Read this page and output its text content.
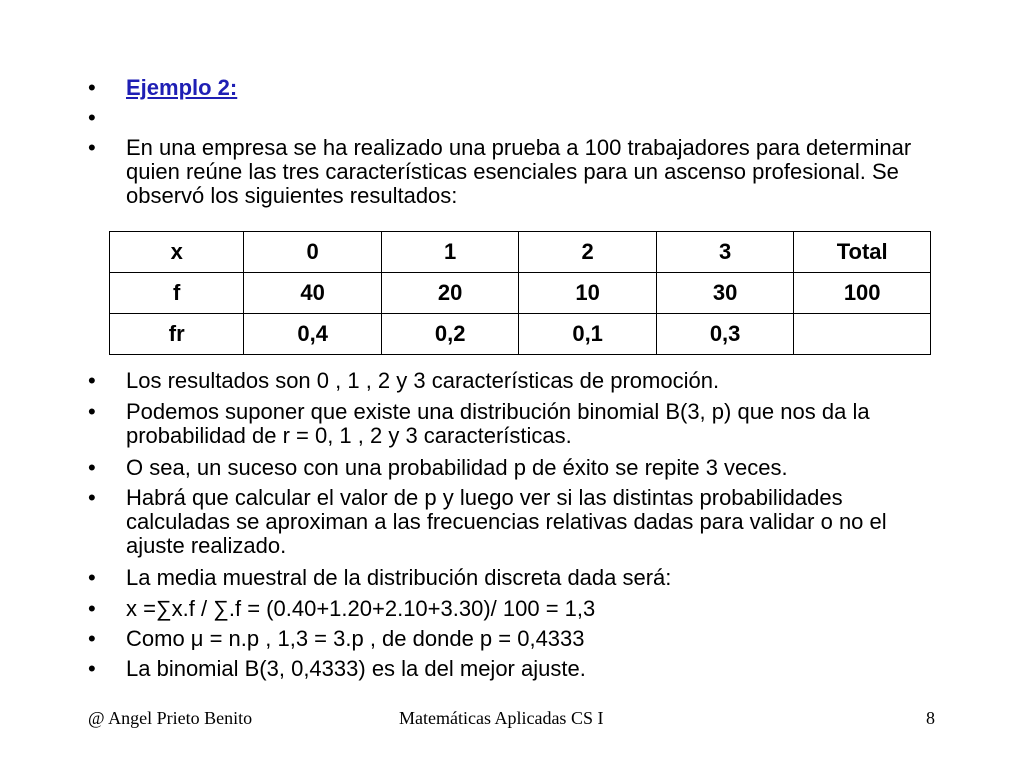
•	Ejemplo 2:
•
•	En una empresa se ha realizado una prueba a 100 trabajadores para determinar quien reúne las tres características esenciales para un ascenso profesional. Se observó los siguientes resultados:
x	0	1	2	3	Total
f	40	20	10	30	100
fr	0,4	0,2	0,1	0,3	
•	Los resultados son 0 , 1 , 2 y 3 características de promoción.
•	Podemos suponer que existe una distribución binomial B(3, p) que nos da la probabilidad de r = 0, 1 , 2 y 3 características.
•	O sea, un suceso con una probabilidad p de éxito se repite 3 veces.
•	Habrá que calcular el valor de p y luego ver si las distintas probabilidades calculadas se aproximan a las frecuencias relativas dadas para validar o no el ajuste realizado.
•	La media muestral de la distribución discreta dada será:
•	x =∑x.f / ∑.f = (0.40+1.20+2.10+3.30)/ 100 = 1,3
•	Como μ = n.p , 1,3 = 3.p , de donde p = 0,4333
•	La binomial B(3, 0,4333) es la del mejor ajuste.
@ Angel Prieto Benito	Matemáticas Aplicadas CS I	8
